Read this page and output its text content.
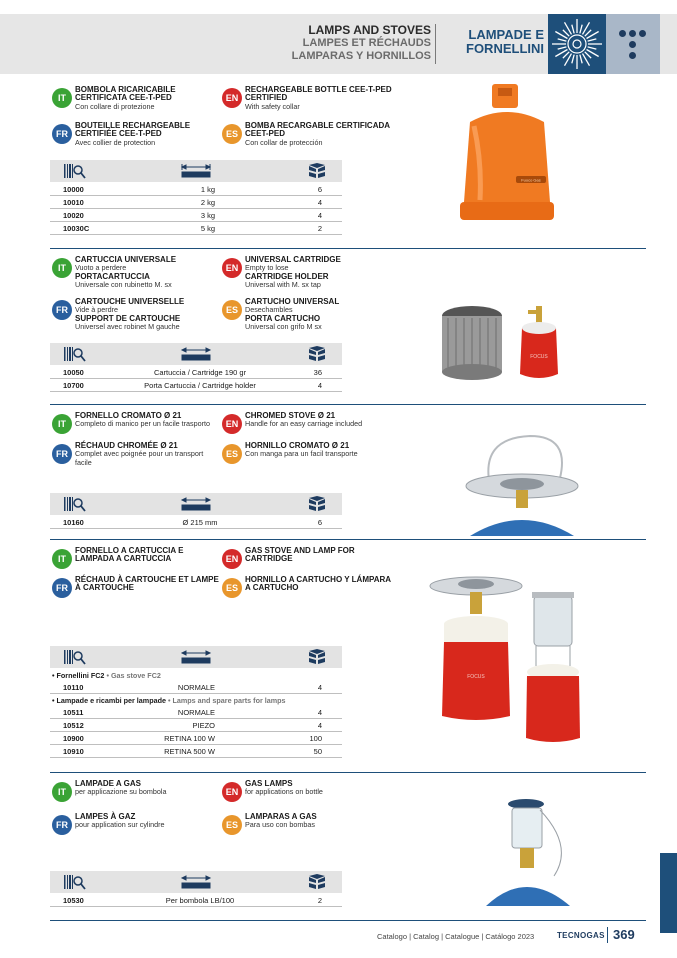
LAMPS AND STOVES
LAMPES ET RÉCHAUDS
LAMPARAS Y HORNILLOS
LAMPADE E
FORNELLINI
IT
BOMBOLA RICARICABILE CERTIFICATA CEE-T-PED
Con collare di protezione
EN
RECHARGEABLE BOTTLE CEE-T-PED CERTIFIED
With safety collar
FR
BOUTEILLE RECHARGEABLE CERTIFIÉE CEE-T-PED
Avec collier de protection
ES
BOMBA RECARGABLE CERTIFICADA CEET-PED
Con collar de protección
10000	1 kg	6
10010	2 kg	4
10020	3 kg	4
10030C	5 kg	2
Fuoco Gas
IT
CARTUCCIA UNIVERSALE
Vuoto a perdere
PORTACARTUCCIA
Universale con rubinetto M. sx
EN
UNIVERSAL CARTRIDGE
Empty to lose
CARTRIDGE HOLDER
Universal with M. sx tap
FR
CARTOUCHE UNIVERSELLE
Vide à perdre
SUPPORT DE CARTOUCHE
Universel avec robinet M gauche
ES
CARTUCHO UNIVERSAL
Desechambles
PORTA CARTUCHO
Universal con grifo M sx
10050	Cartuccia / Cartridge 190 gr	36
10700	Porta Cartuccia / Cartridge holder	4
FOCUS
IT
FORNELLO CROMATO Ø 21
Completo di manico per un facile trasporto	EN
CHROMED STOVE Ø 21
Handle for an easy carriage included
FR
RÉCHAUD CHROMÉE Ø 21
Complet avec poignée pour un transport facile
ES
HORNILLO CROMATO Ø 21
Con manga para un facil transporte
10160	Ø 215 mm	6
IT
FORNELLO A CARTUCCIA E LAMPADA A CARTUCCIA	EN
GAS STOVE AND LAMP FOR CARTRIDGE
FR
RÉCHAUD À CARTOUCHE ET LAMPE À CARTOUCHE	ES
HORNILLO A CARTUCHO Y LÁMPARA A CARTUCHO
• Fornellini FC2 • Gas stove FC2
10110	NORMALE	4
• Lampade e ricambi per lampade • Lamps and spare parts for lamps
10511	NORMALE	4
10512	PIEZO	4
10900	RETINA 100 W	100
10910	RETINA 500 W	50
FOCUS
IT
LAMPADE A GAS
per applicazione su bombola	EN
GAS LAMPS
for applications on bottle
FR
LAMPES À GAZ
pour application sur cylindre	ES
LAMPARAS A GAS
Para uso con bombas
10530	Per bombola LB/100	2
Catalogo | Catalog | Catalogue | Catálogo 2023	TECNOGAS 369
